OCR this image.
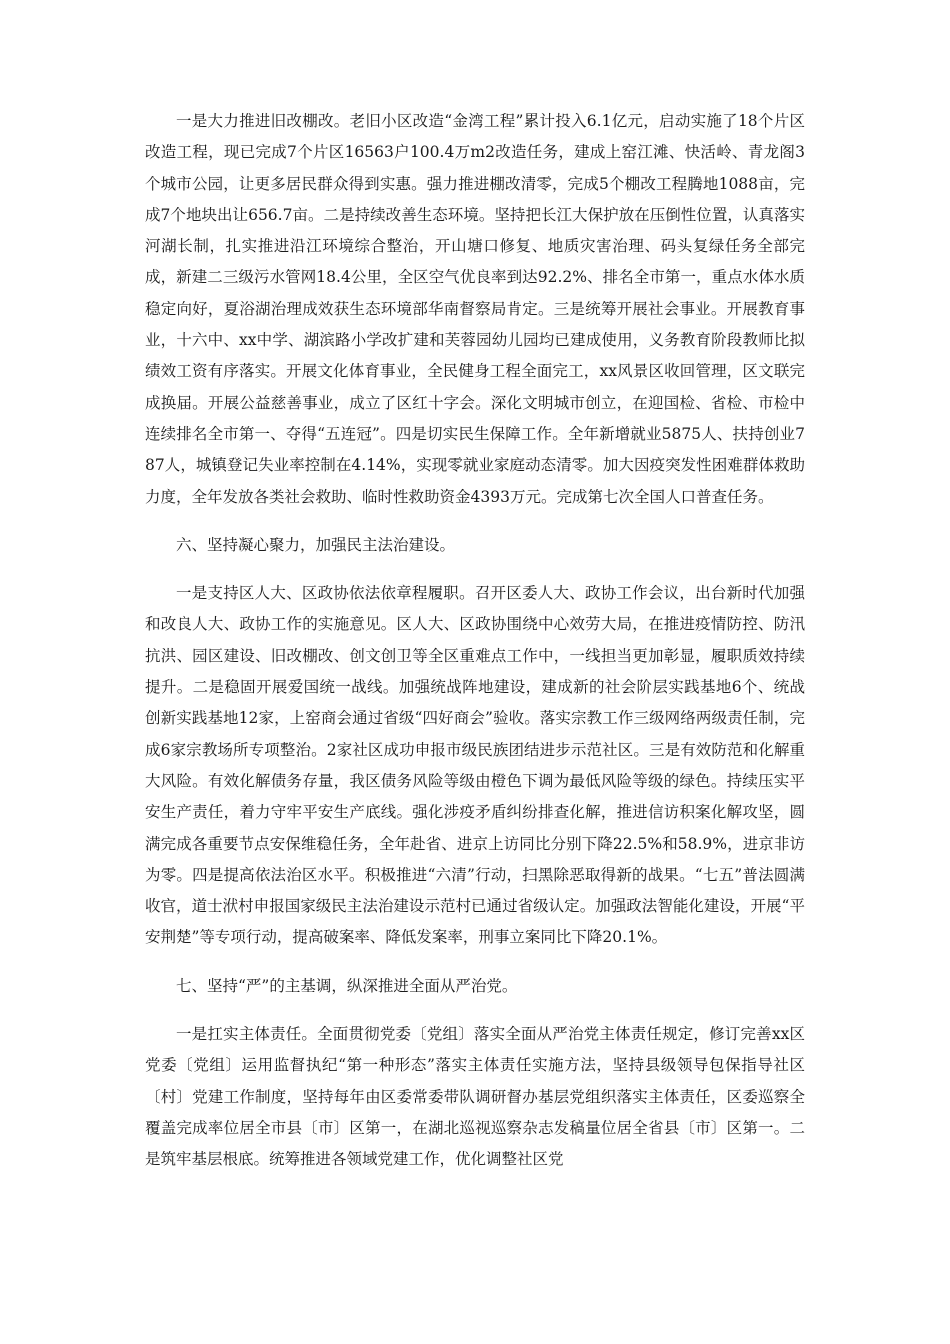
一是大力推进旧改棚改。老旧小区改造“金湾工程”累计投入6.1亿元，启动实施了18个片区改造工程，现已完成7个片区16563户100.4万m2改造任务，建成上窑江滩、快活岭、青龙阁3个城市公园，让更多居民群众得到实惠。强力推进棚改清零，完成5个棚改工程腾地1088亩，完成7个地块出让656.7亩。二是持续改善生态环境。坚持把长江大保护放在压倒性位置，认真落实河湖长制，扎实推进沿江环境综合整治，开山塘口修复、地质灾害治理、码头复绿任务全部完成，新建二三级污水管网18.4公里，全区空气优良率到达92.2%、排名全市第一，重点水体水质稳定向好，夏浴湖治理成效获生态环境部华南督察局肯定。三是统筹开展社会事业。开展教育事业，十六中、xx中学、湖滨路小学改扩建和芙蓉园幼儿园均已建成使用，义务教育阶段教师比拟绩效工资有序落实。开展文化体育事业，全民健身工程全面完工，xx风景区收回管理，区文联完成换届。开展公益慈善事业，成立了区红十字会。深化文明城市创立，在迎国检、省检、市检中连续排名全市第一、夺得“五连冠”。四是切实民生保障工作。全年新增就业5875人、扶持创业787人，城镇登记失业率控制在4.14%，实现零就业家庭动态清零。加大因疫突发性困难群体救助力度，全年发放各类社会救助、临时性救助资金4393万元。完成第七次全国人口普查任务。

六、坚持凝心聚力，加强民主法治建设。

一是支持区人大、区政协依法依章程履职。召开区委人大、政协工作会议，出台新时代加强和改良人大、政协工作的实施意见。区人大、区政协围绕中心效劳大局，在推进疫情防控、防汛抗洪、园区建设、旧改棚改、创文创卫等全区重难点工作中，一线担当更加彰显，履职质效持续提升。二是稳固开展爱国统一战线。加强统战阵地建设，建成新的社会阶层实践基地6个、统战创新实践基地12家，上窑商会通过省级“四好商会”验收。落实宗教工作三级网络两级责任制，完成6家宗教场所专项整治。2家社区成功申报市级民族团结进步示范社区。三是有效防范和化解重大风险。有效化解债务存量，我区债务风险等级由橙色下调为最低风险等级的绿色。持续压实平安生产责任，着力守牢平安生产底线。强化涉疫矛盾纠纷排查化解，推进信访积案化解攻坚，圆满完成各重要节点安保维稳任务，全年赴省、进京上访同比分别下降22.5%和58.9%，进京非访为零。四是提高依法治区水平。积极推进“六清”行动，扫黑除恶取得新的战果。“七五”普法圆满收官，道士洑村申报国家级民主法治建设示范村已通过省级认定。加强政法智能化建设，开展“平安荆楚”等专项行动，提高破案率、降低发案率，刑事立案同比下降20.1%。

七、坚持“严”的主基调，纵深推进全面从严治党。

一是扛实主体责任。全面贯彻党委〔党组〕落实全面从严治党主体责任规定，修订完善xx区党委〔党组〕运用监督执纪“第一种形态”落实主体责任实施方法，坚持县级领导包保指导社区〔村〕党建工作制度，坚持每年由区委常委带队调研督办基层党组织落实主体责任，区委巡察全覆盖完成率位居全市县〔市〕区第一，在湖北巡视巡察杂志发稿量位居全省县〔市〕区第一。二是筑牢基层根底。统筹推进各领域党建工作，优化调整社区党
